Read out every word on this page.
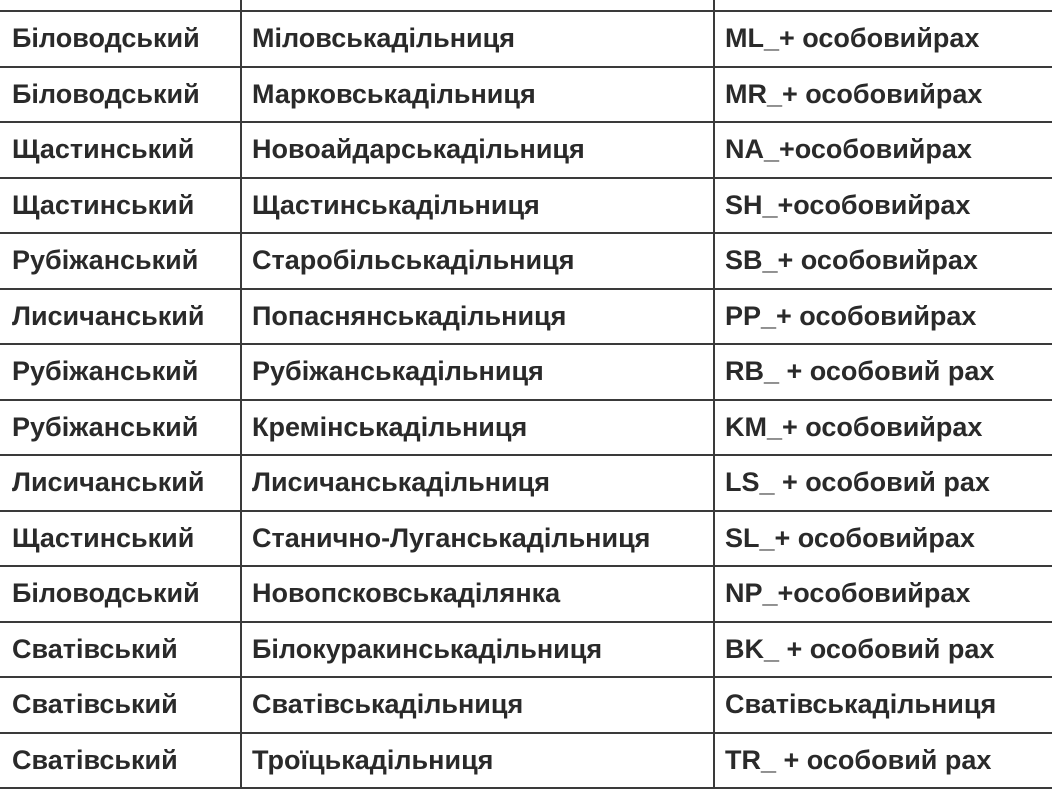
Біловодський	Міловськадільниця	ML_+ особовийрах
Біловодський	Марковськадільниця	MR_+ особовийрах
Щастинський	Новоайдарськадільниця	NA_+особовийрах
Щастинський	Щастинськадільниця	SH_+особовийрах
Рубіжанський	Старобільськадільниця	SB_+ особовийрах
Лисичанський	Попаснянськадільниця	PP_+ особовийрах
Рубіжанський	Рубіжанськадільниця	RB_ + особовий рах
Рубіжанський	Кремінськадільниця	KM_+ особовийрах
Лисичанський	Лисичанськадільниця	LS_ + особовий рах
Щастинський	Станично-Луганськадільниця	SL_+ особовийрах
Біловодський	Новопсковськаділянка	NP_+особовийрах
Сватівський	Білокуракинськадільниця	BK_ + особовий рах
Сватівський	Сватівськадільниця	Сватівськадільниця
Сватівський	Троїцькадільниця	TR_ + особовий рах
